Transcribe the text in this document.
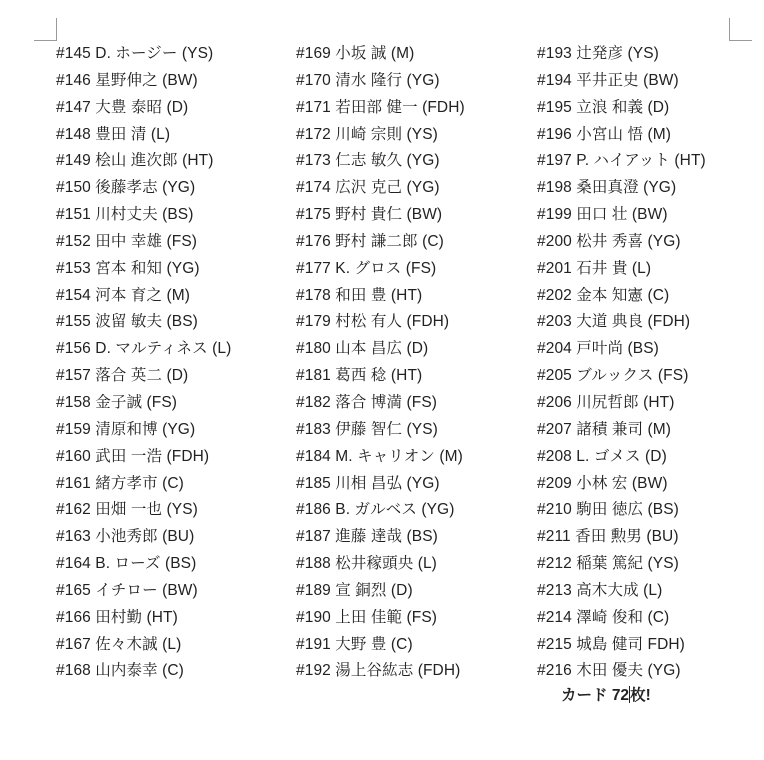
#145 D. ホージー (YS)
#146 星野伸之 (BW)
#147 大豊 泰昭 (D)
#148 豊田 清 (L)
#149 桧山 進次郎 (HT)
#150 後藤孝志 (YG)
#151 川村丈夫 (BS)
#152 田中 幸雄 (FS)
#153 宮本 和知 (YG)
#154 河本 育之 (M)
#155 波留 敏夫 (BS)
#156 D. マルティネス (L)
#157 落合 英二 (D)
#158 金子誠 (FS)
#159 清原和博 (YG)
#160 武田 一浩 (FDH)
#161 緒方孝市 (C)
#162 田畑 一也 (YS)
#163 小池秀郎 (BU)
#164 B. ローズ (BS)
#165 イチロー (BW)
#166 田村勤 (HT)
#167 佐々木誠 (L)
#168 山内泰幸 (C)
#169 小坂 誠 (M)
#170 清水 隆行 (YG)
#171 若田部 健一 (FDH)
#172 川崎 宗則 (YS)
#173 仁志 敏久 (YG)
#174 広沢 克己 (YG)
#175 野村 貴仁 (BW)
#176 野村 謙二郎 (C)
#177 K. グロス (FS)
#178 和田 豊 (HT)
#179 村松 有人 (FDH)
#180 山本 昌広 (D)
#181 葛西 稔 (HT)
#182 落合 博満 (FS)
#183 伊藤 智仁 (YS)
#184 M. キャリオン (M)
#185 川相 昌弘 (YG)
#186 B. ガルベス (YG)
#187 進藤 達哉 (BS)
#188 松井稼頭央 (L)
#189 宣 銅烈 (D)
#190 上田 佳範 (FS)
#191 大野 豊 (C)
#192 湯上谷紘志 (FDH)
#193 辻発彦 (YS)
#194 平井正史 (BW)
#195 立浪 和義 (D)
#196 小宮山 悟 (M)
#197 P. ハイアット (HT)
#198 桑田真澄 (YG)
#199 田口 壮 (BW)
#200 松井 秀喜 (YG)
#201 石井 貴 (L)
#202 金本 知憲 (C)
#203 大道 典良 (FDH)
#204 戸叶尚 (BS)
#205 ブルックス (FS)
#206 川尻哲郎 (HT)
#207 諸積 兼司 (M)
#208 L. ゴメス (D)
#209 小林 宏 (BW)
#210 駒田 徳広 (BS)
#211 香田 勲男 (BU)
#212 稲葉 篤紀 (YS)
#213 高木大成 (L)
#214 澤崎 俊和 (C)
#215 城島 健司 FDH)
#216 木田 優夫 (YG)
カード 72枚!
